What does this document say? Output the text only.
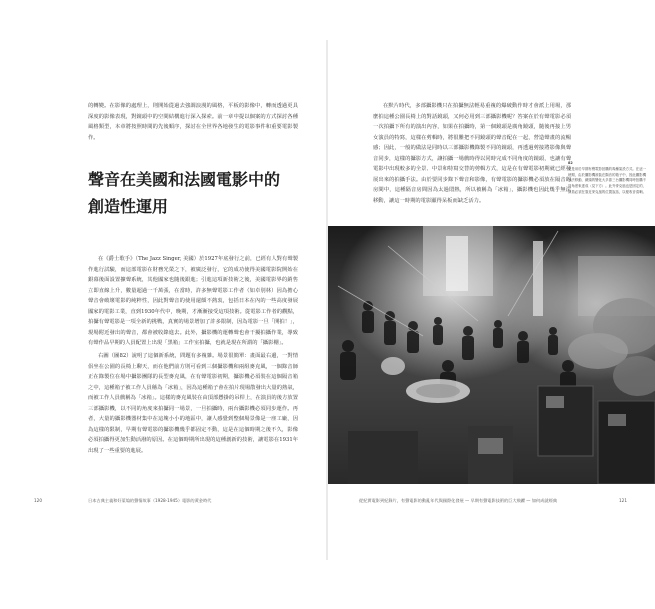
的轉變。在影像的處理上，則開始從過去強調浪漫的風格，平板的影像中，轉而透過更具深度的影像表現，對鏡頭中的空間結構進行深入探索。前一章中提以個案的方式探討各種風格類型，本章將按照時間的先後順序，探討在全世界各地發生的電影事件和重要電影製作。

聲音在美國和法國電影中的創造性運用

在《爵士歌手》（The Jazz Singer, 美國）於1927年底發行之前，已經有人對有聲製作進行試驗，而這部電影在財務光榮之下，被廣泛發行，它的成功使得美國電影院開始在銀幕後面設置擴聲系統，其他國家也隨後跟進；引進這項新技術之後，美國電影界的銷售立即直線上升，數量超過一千萬張，在當時，許多無聲電影工作者（如卓別林）因為擔心聲音會破壞電影的純粹性，因此對聲音的使用還頗不熱衷，包括日本在內的一些高度發展國家的電影工業，直到1930年代中，晚期，才漸漸接受這項技術。從電影工作者的觀點，拍攝有聲電影是一項全新的挑戰，真實的場景增加了許多限制，因為電影一旦「開拍！」，現場附近發出的聲音，都會被收錄進去。此外，攝影機的運轉聲也會干擾拍攝作業，導致有聲作品早期的人員配置上出現「黑箱」工作室拍攝，也就是現在所謂的「攝影棚」。

右圖（圖82）說明了這個新系統，問題有多複雜。場景很簡單：畫面最右邊，一對情侶坐在公園的長椅上聊天，而在他們前方則可看到三個攝影機和兩組麥克風，一個錄音師正在錄製位在場中攝影團隊的長型麥克風，在有聲電影初期，攝影機必須裝在這個隔音箱之中，這種箱子被工作人員稱為「冰箱」，因為這種箱子會在拍片現場散發出大量的熱氣，而被工作人員戲稱為「冰箱」。這樣的麥克風裝在由頂部懸掛的吊桿上，在演員的後方放置三部攝影機，以不同的角度來拍攝同一場景，一旦拍攝時，兩台攝影機必須同步運作。再者，大量的攝影機器材集中在這塊小小的地區中，讓人感覺到整個場景像是一座工廠，因為這樣的限制，早期有聲電影的攝影機幾乎都固定不動，這是在這個時期之後不久，影像必須拍攝得更加生動活潑的原因。在這個時期所出現的這種創新的技術，讓電影在1931年出現了一些重要的進展。

120	日本古典主義和好萊塢的聲情故事（1928-1945）電影的黃金時代

在默片時代，多部攝影機只在拍攝無法輕易重複的爆破動作時才會派上用場，那麼拍這種公園長椅上的對話鏡頭，又何必用到三部攝影機呢？答案在於有聲電影必須一次拍攝下所有的演出內容，如果在拍攝時，第一個鏡頭是廣角鏡頭，隨後再接上男女演員的特寫，這樣在剪輯時，將很難把不同鏡頭的聲音配在一起，營造聲畫的流暢感；因此，一般的做法是同時以三部攝影機錄製不同的鏡頭，再透過剪接將影像與聲音同步，這樣的攝影方式，讓拍攝一場戲時得以同時完成不同角度的鏡頭，也讓有聲電影中出現較多的全景、中景和特寫交替的剪輯方式，這是在有聲電影初期就已經發展出來的拍攝手法。由於要同步錄下聲音和影像，有聲電影的攝影機必須放在隔音的房間中，這種隔音房間因為太過悶熱，所以被稱為「冰箱」，攝影機也因此幾乎無法移動，讓這一時期的電影顯得呆板而缺乏活力。

從紀實電影到紀錄片，有聲電影的動亂年代與國際化發展 — 早期有聲電影技術的巨大飛躍 — 如何成就經典	121

82
這是用於早期有聲電影拍攝的幾種架設方式。在這一時期，由於攝影機被裝在隔音的箱子中，因此攝影機無法移動，鏡頭的變化大多靠三台攝影機同時拍攝不同角度來達成（見下方）。此外麥克風也是固定的，演員必須在靠近麥克風的位置說話，以便收音清晰。
